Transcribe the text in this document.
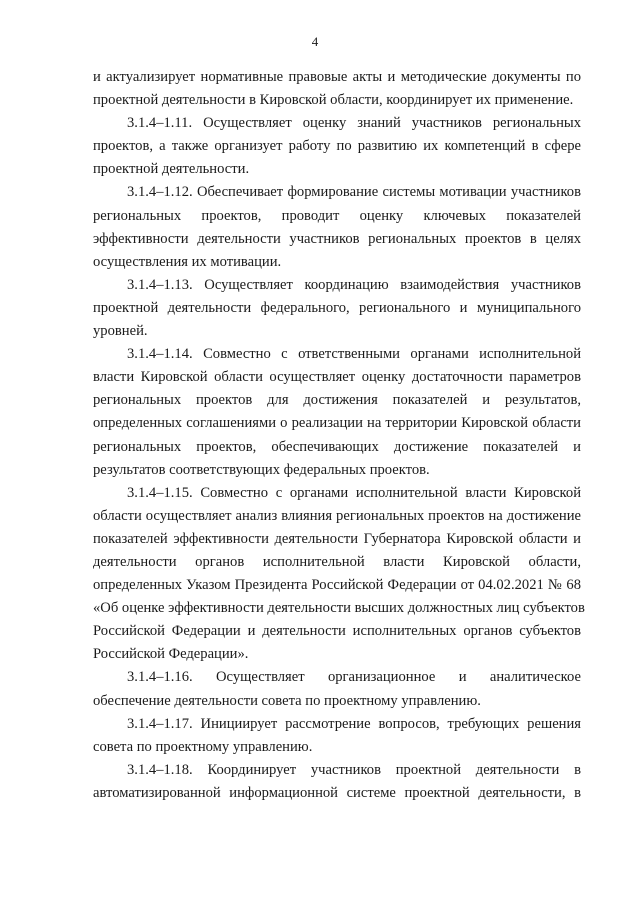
4

и актуализирует нормативные правовые акты и методические документы по
проектной деятельности в Кировской области, координирует их применение.

3.1.4–1.11. Осуществляет оценку знаний участников региональных
проектов, а также организует работу по развитию их компетенций в сфере
проектной деятельности.

3.1.4–1.12. Обеспечивает формирование системы мотивации участников
региональных проектов, проводит оценку ключевых показателей
эффективности деятельности участников региональных проектов в целях
осуществления их мотивации.

3.1.4–1.13. Осуществляет координацию взаимодействия участников
проектной деятельности федерального, регионального и муниципального
уровней.

3.1.4–1.14. Совместно с ответственными органами исполнительной
власти Кировской области осуществляет оценку достаточности параметров
региональных проектов для достижения показателей и результатов,
определенных соглашениями о реализации на территории Кировской области
региональных проектов, обеспечивающих достижение показателей и
результатов соответствующих федеральных проектов.

3.1.4–1.15. Совместно с органами исполнительной власти Кировской
области осуществляет анализ влияния региональных проектов на достижение
показателей эффективности деятельности Губернатора Кировской области и
деятельности органов исполнительной власти Кировской области,
определенных Указом Президента Российской Федерации от 04.02.2021 № 68
«Об оценке эффективности деятельности высших должностных лиц субъектов
Российской Федерации и деятельности исполнительных органов субъектов
Российской Федерации».

3.1.4–1.16. Осуществляет организационное и аналитическое
обеспечение деятельности совета по проектному управлению.

3.1.4–1.17. Инициирует рассмотрение вопросов, требующих решения
совета по проектному управлению.

3.1.4–1.18. Координирует участников проектной деятельности в
автоматизированной информационной системе проектной деятельности, в
